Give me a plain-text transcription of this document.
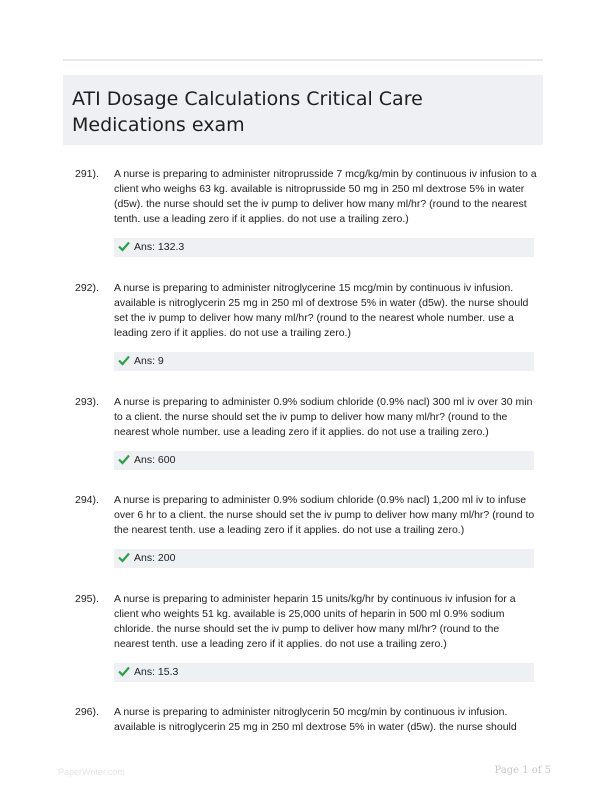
ATI Dosage Calculations Critical Care Medications exam
291). A nurse is preparing to administer nitroprusside 7 mcg/kg/min by continuous iv infusion to a client who weighs 63 kg. available is nitroprusside 50 mg in 250 ml dextrose 5% in water (d5w). the nurse should set the iv pump to deliver how many ml/hr? (round to the nearest tenth. use a leading zero if it applies. do not use a trailing zero.)
Ans: 132.3
292). A nurse is preparing to administer nitroglycerine 15 mcg/min by continuous iv infusion. available is nitroglycerin 25 mg in 250 ml of dextrose 5% in water (d5w). the nurse should set the iv pump to deliver how many ml/hr? (round to the nearest whole number. use a leading zero if it applies. do not use a trailing zero.)
Ans: 9
293). A nurse is preparing to administer 0.9% sodium chloride (0.9% nacl) 300 ml iv over 30 min to a client. the nurse should set the iv pump to deliver how many ml/hr? (round to the nearest whole number. use a leading zero if it applies. do not use a trailing zero.)
Ans: 600
294). A nurse is preparing to administer 0.9% sodium chloride (0.9% nacl) 1,200 ml iv to infuse over 6 hr to a client. the nurse should set the iv pump to deliver how many ml/hr? (round to the nearest tenth. use a leading zero if it applies. do not use a trailing zero.)
Ans: 200
295). A nurse is preparing to administer heparin 15 units/kg/hr by continuous iv infusion for a client who weights 51 kg. available is 25,000 units of heparin in 500 ml 0.9% sodium chloride. the nurse should set the iv pump to deliver how many ml/hr? (round to the nearest tenth. use a leading zero if it applies. do not use a trailing zero.)
Ans: 15.3
296). A nurse is preparing to administer nitroglycerin 50 mcg/min by continuous iv infusion. available is nitroglycerin 25 mg in 250 ml dextrose 5% in water (d5w). the nurse should
PaperWriter.com	Page 1 of 5
